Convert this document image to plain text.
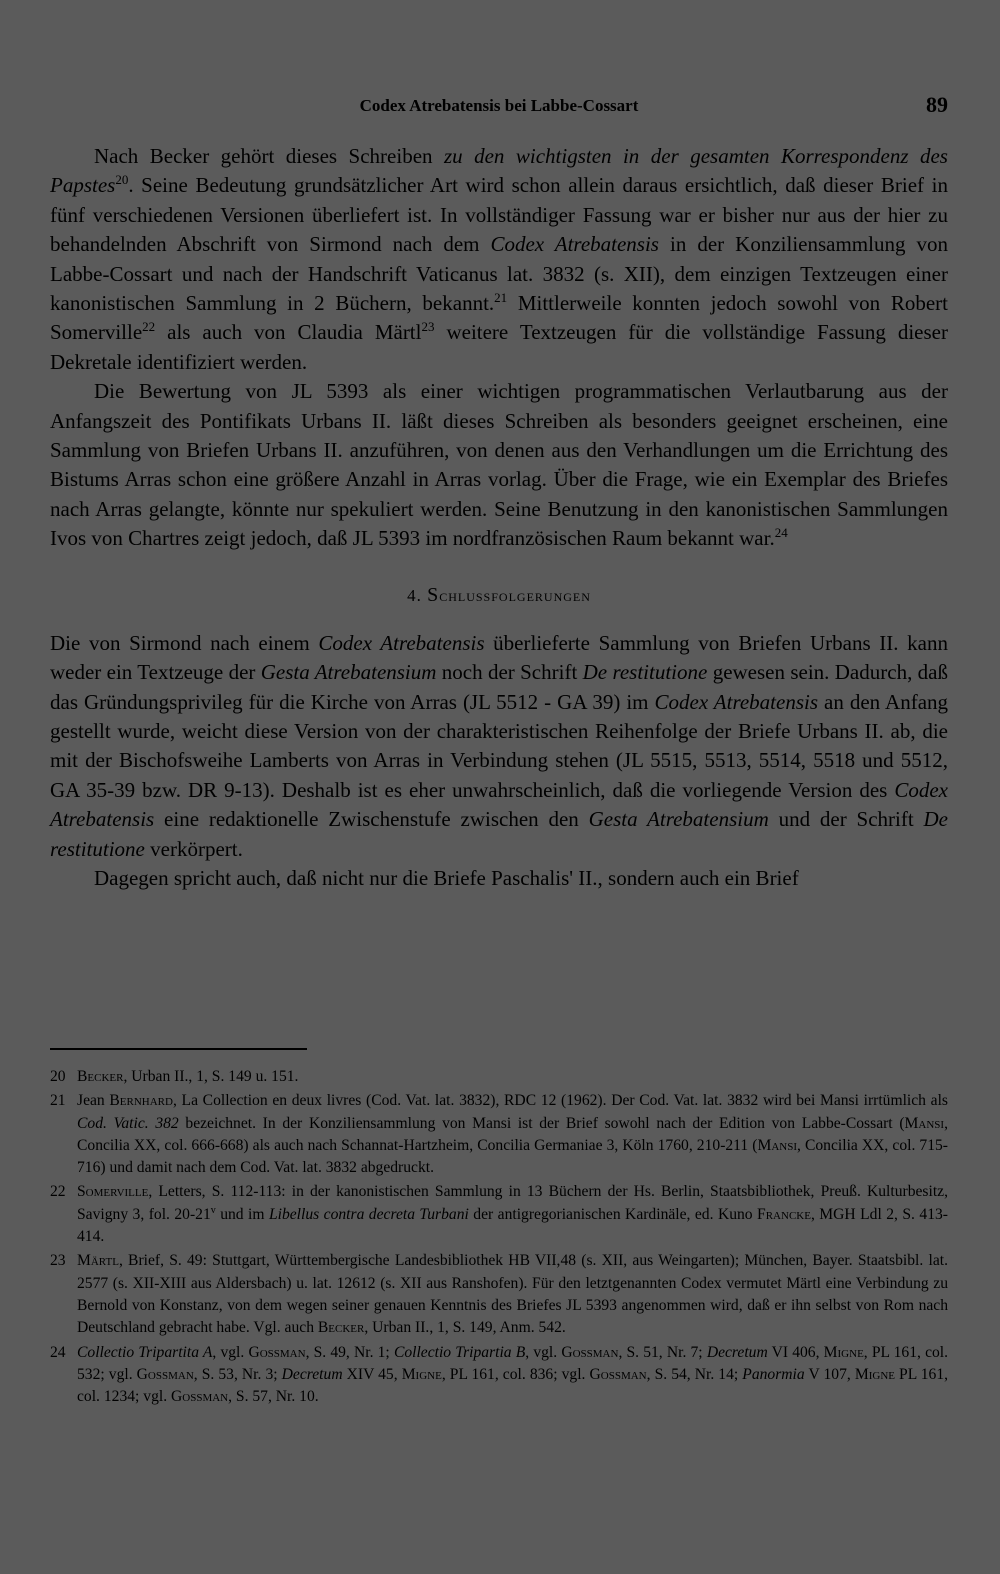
Codex Atrebatensis bei Labbe-Cossart	89

Nach Becker gehört dieses Schreiben zu den wichtigsten in der gesamten Korrespondenz des Papstes$^{20}$. Seine Bedeutung grundsätzlicher Art wird schon allein daraus ersichtlich, daß dieser Brief in fünf verschiedenen Versionen überliefert ist. In vollständiger Fassung war er bisher nur aus der hier zu behandelnden Abschrift von Sirmond nach dem Codex Atrebatensis in der Konziliensammlung von Labbe-Cossart und nach der Handschrift Vaticanus lat. 3832 (s. XII), dem einzigen Textzeugen einer kanonistischen Sammlung in 2 Büchern, bekannt.$^{21}$ Mittlerweile konnten jedoch sowohl von Robert Somerville$^{22}$ als auch von Claudia Märtl$^{23}$ weitere Textzeugen für die vollständige Fassung dieser Dekretale identifiziert werden.

Die Bewertung von JL 5393 als einer wichtigen programmatischen Verlautbarung aus der Anfangszeit des Pontifikats Urbans II. läßt dieses Schreiben als besonders geeignet erscheinen, eine Sammlung von Briefen Urbans II. anzuführen, von denen aus den Verhandlungen um die Errichtung des Bistums Arras schon eine größere Anzahl in Arras vorlag. Über die Frage, wie ein Exemplar des Briefes nach Arras gelangte, könnte nur spekuliert werden. Seine Benutzung in den kanonistischen Sammlungen Ivos von Chartres zeigt jedoch, daß JL 5393 im nordfranzösischen Raum bekannt war.$^{24}$

4. Schlussfolgerungen

Die von Sirmond nach einem Codex Atrebatensis überlieferte Sammlung von Briefen Urbans II. kann weder ein Textzeuge der Gesta Atrebatensium noch der Schrift De restitutione gewesen sein. Dadurch, daß das Gründungsprivileg für die Kirche von Arras (JL 5512 - GA 39) im Codex Atrebatensis an den Anfang gestellt wurde, weicht diese Version von der charakteristischen Reihenfolge der Briefe Urbans II. ab, die mit der Bischofsweihe Lamberts von Arras in Verbindung stehen (JL 5515, 5513, 5514, 5518 und 5512, GA 35-39 bzw. DR 9-13). Deshalb ist es eher unwahrscheinlich, daß die vorliegende Version des Codex Atrebatensis eine redaktionelle Zwischenstufe zwischen den Gesta Atrebatensium und der Schrift De restitutione verkörpert.

Dagegen spricht auch, daß nicht nur die Briefe Paschalis' II., sondern auch ein Brief

20 Becker, Urban II., 1, S. 149 u. 151.
21 Jean Bernhard, La Collection en deux livres (Cod. Vat. lat. 3832), RDC 12 (1962). Der Cod. Vat. lat. 3832 wird bei Mansi irrtümlich als Cod. Vatic. 382 bezeichnet. In der Konziliensammlung von Mansi ist der Brief sowohl nach der Edition von Labbe-Cossart (Mansi, Concilia XX, col. 666-668) als auch nach Schannat-Hartzheim, Concilia Germaniae 3, Köln 1760, 210-211 (Mansi, Concilia XX, col. 715-716) und damit nach dem Cod. Vat. lat. 3832 abgedruckt.
22 Somerville, Letters, S. 112-113: in der kanonistischen Sammlung in 13 Büchern der Hs. Berlin, Staatsbibliothek, Preuß. Kulturbesitz, Savigny 3, fol. 20-21$^v$ und im Libellus contra decreta Turbani der antigregorianischen Kardinäle, ed. Kuno Francke, MGH Ldl 2, S. 413-414.
23 Märtl, Brief, S. 49: Stuttgart, Württembergische Landesbibliothek HB VII,48 (s. XII, aus Weingarten); München, Bayer. Staatsbibl. lat. 2577 (s. XII-XIII aus Aldersbach) u. lat. 12612 (s. XII aus Ranshofen). Für den letztgenannten Codex vermutet Märtl eine Verbindung zu Bernold von Konstanz, von dem wegen seiner genauen Kenntnis des Briefes JL 5393 angenommen wird, daß er ihn selbst von Rom nach Deutschland gebracht habe. Vgl. auch Becker, Urban II., 1, S. 149, Anm. 542.
24 Collectio Tripartita A, vgl. Gossman, S. 49, Nr. 1; Collectio Tripartia B, vgl. Gossman, S. 51, Nr. 7; Decretum VI 406, Migne, PL 161, col. 532; vgl. Gossman, S. 53, Nr. 3; Decretum XIV 45, Migne, PL 161, col. 836; vgl. Gossman, S. 54, Nr. 14; Panormia V 107, Migne PL 161, col. 1234; vgl. Gossman, S. 57, Nr. 10.
